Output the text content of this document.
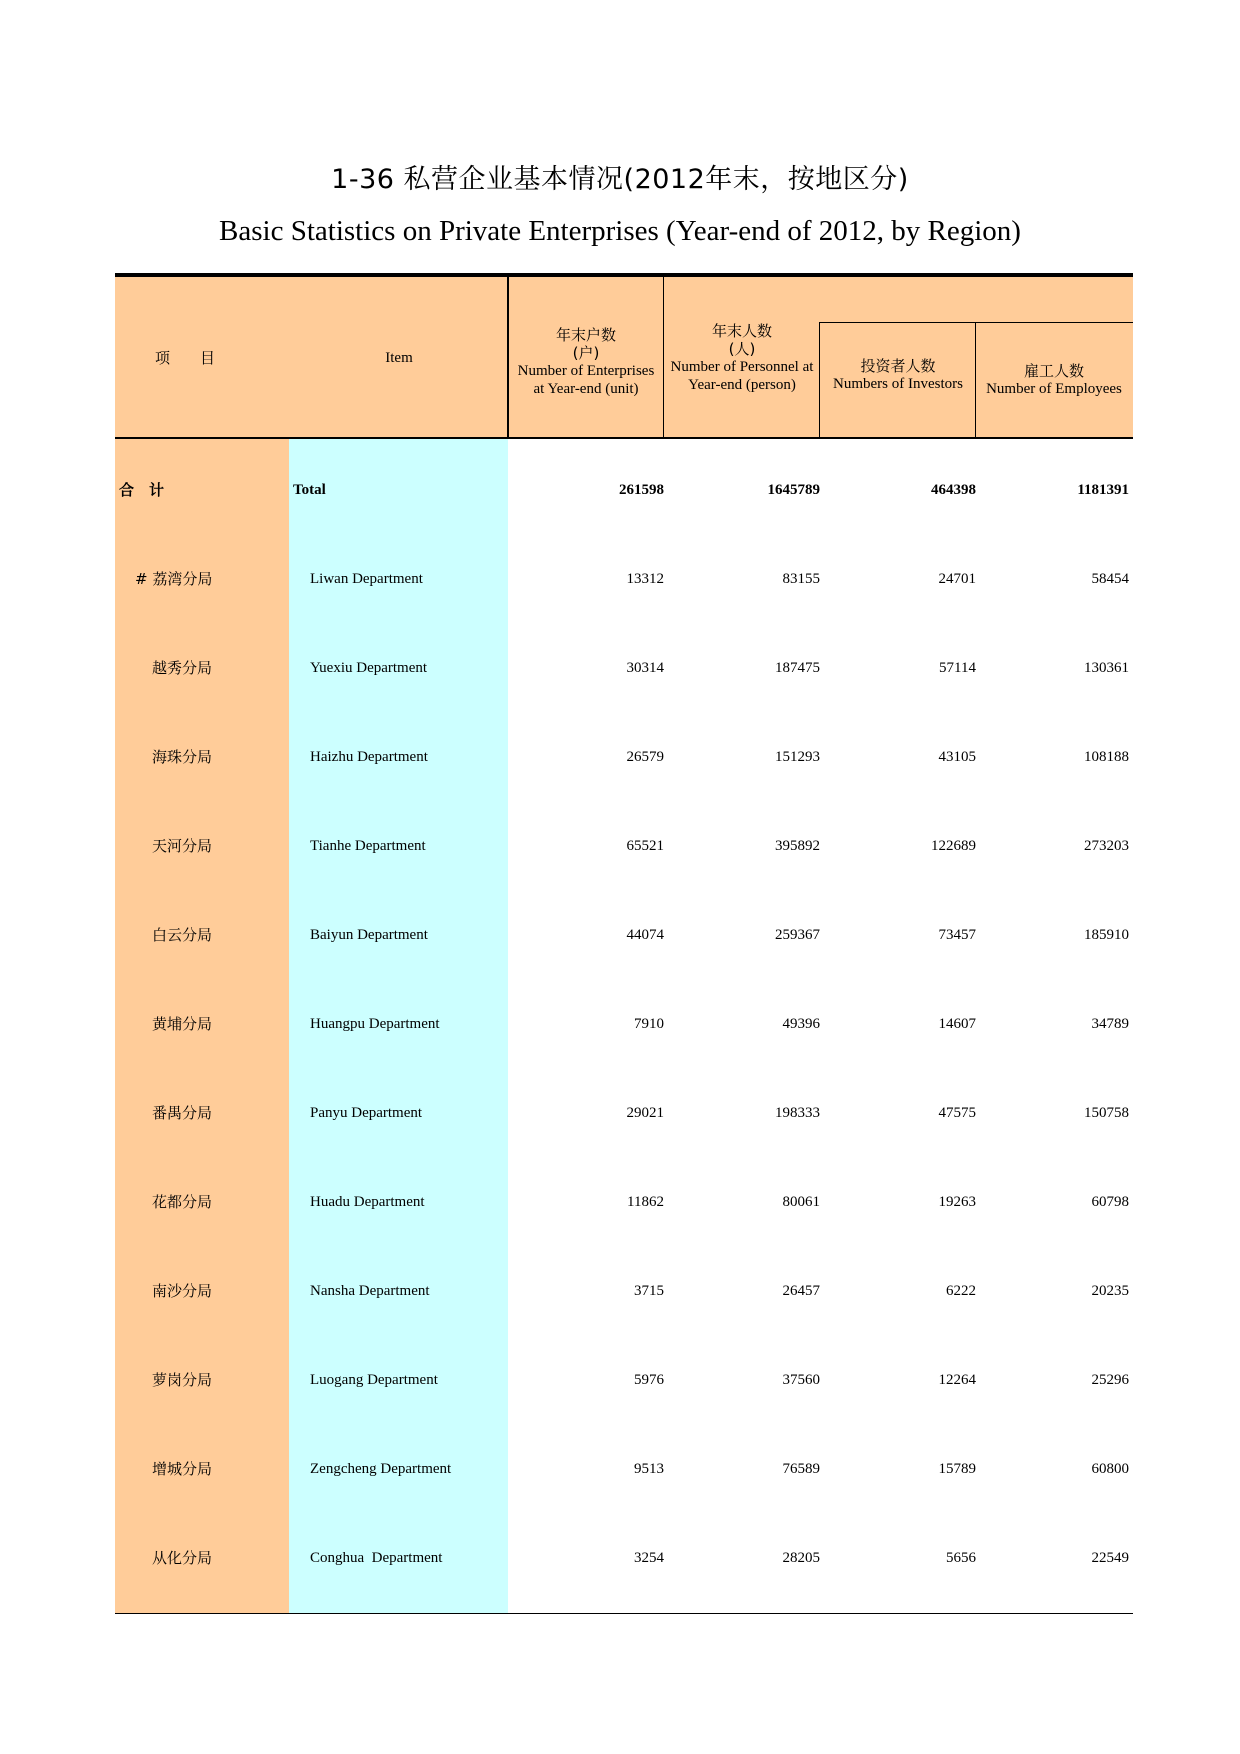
1-36 私营企业基本情况(2012年末，按地区分)
Basic Statistics on Private Enterprises (Year-end of 2012, by Region)
项　　目	Item
年末户数
(户)
Number of Enterprises at Year-end (unit)
年末人数
(人)
Number of Personnel at Year-end (person)
投资者人数
Numbers of Investors
雇工人数
Number of Employees
合　计	Total	261598	1645789	464398	1181391
# 荔湾分局	Liwan Department	13312	83155	24701	58454
越秀分局	Yuexiu Department	30314	187475	57114	130361
海珠分局	Haizhu Department	26579	151293	43105	108188
天河分局	Tianhe Department	65521	395892	122689	273203
白云分局	Baiyun Department	44074	259367	73457	185910
黄埔分局	Huangpu Department	7910	49396	14607	34789
番禺分局	Panyu Department	29021	198333	47575	150758
花都分局	Huadu Department	11862	80061	19263	60798
南沙分局	Nansha Department	3715	26457	6222	20235
萝岗分局	Luogang Department	5976	37560	12264	25296
增城分局	Zengcheng Department	9513	76589	15789	60800
从化分局	Conghua  Department	3254	28205	5656	22549
